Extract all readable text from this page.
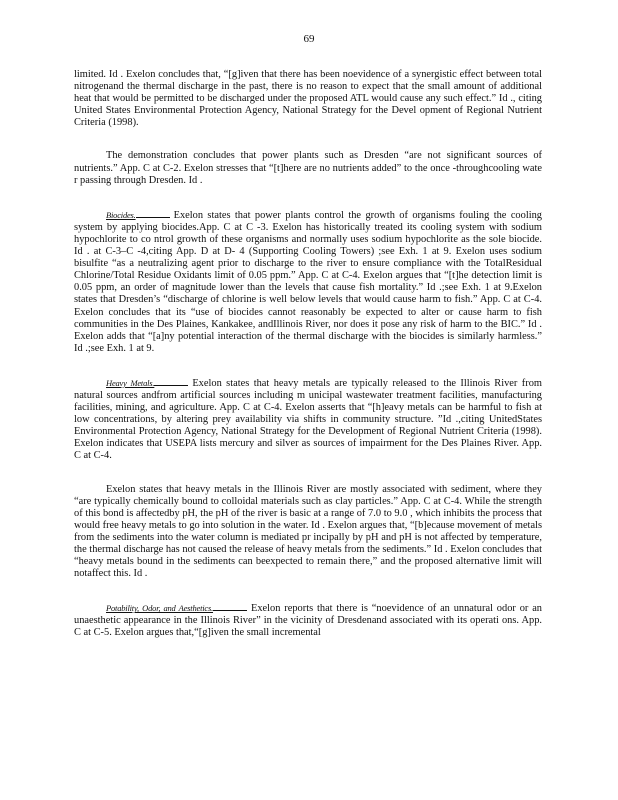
69

limited. Id . Exelon concludes that, “[g]iven that there has been noevidence of a synergistic effect between total nitrogenand the thermal discharge in the past, there is no reason to expect that the small amount of additional heat that would be permitted to be discharged under the proposed ATL would cause any such effect.” Id ., citing United States Environmental Protection Agency, National Strategy for the Devel opment of Regional Nutrient Criteria (1998).

The demonstration concludes that power plants such as Dresden “are not significant sources of nutrients.” App. C at C-2. Exelon stresses that “[t]here are no nutrients added” to the once -throughcooling wate r passing through Dresden. Id .

Biocides.	Exelon states that power plants control the growth of organisms fouling the cooling system by applying biocides.App. C at C -3. Exelon has historically treated its cooling system with sodium hypochlorite to co ntrol growth of these organisms and normally uses sodium hypochlorite as the sole biocide. Id . at C-3–C -4,citing App. D at D- 4 (Supporting Cooling Towers) ;see Exh. 1 at 9. Exelon uses sodium bisulfite “as a neutralizing agent prior to discharge to the river to ensure compliance with the TotalResidual Chlorine/Total Residue Oxidants limit of 0.05 ppm.” App. C at C-4. Exelon argues that “[t]he detection limit is 0.05 ppm, an order of magnitude lower than the levels that cause fish mortality.” Id .;see Exh. 1 at 9.Exelon states that Dresden’s “discharge of chlorine is well below levels that would cause harm to fish.” App. C at C-4. Exelon concludes that its “use of biocides cannot reasonably be expected to alter or cause harm to fish communities in the Des Plaines, Kankakee, andIllinois River, nor does it pose any risk of harm to the BIC.” Id . Exelon adds that “[a]ny potential interaction of the thermal discharge with the biocides is similarly harmless.” Id .;see Exh. 1 at 9.

Heavy Metals.	Exelon states that heavy metals are typically released to the Illinois River from natural sources andfrom artificial sources including m unicipal wastewater treatment facilities, manufacturing facilities, mining, and agriculture. App. C at C-4. Exelon asserts that “[h]eavy metals can be harmful to fish at low concentrations, by altering prey availability via shifts in community structure. ”Id .,citing UnitedStates Environmental Protection Agency, National Strategy for the Development of Regional Nutrient Criteria (1998). Exelon indicates that USEPA lists mercury and silver as sources of impairment for the Des Plaines River. App. C at C-4.

Exelon states that heavy metals in the Illinois River are mostly associated with sediment, where they “are typically chemically bound to colloidal materials such as clay particles.” App. C at C-4. While the strength of this bond is affectedby pH, the pH of the river is basic at a range of 7.0 to 9.0 , which inhibits the process that would free heavy metals to go into solution in the water. Id . Exelon argues that, “[b]ecause movement of metals from the sediments into the water column is mediated pr incipally by pH and pH is not affected by temperature, the thermal discharge has not caused the release of heavy metals from the sediments.” Id . Exelon concludes that “heavy metals bound in the sediments can beexpected to remain there,” and the proposed alternative limit will notaffect this. Id .

Potability, Odor, and Aesthetics.	Exelon reports that there is “noevidence of an unnatural odor or an unaesthetic appearance in the Illinois River” in the vicinity of Dresdenand associated with its operati ons. App. C at C-5. Exelon argues that,“[g]iven the small incremental
